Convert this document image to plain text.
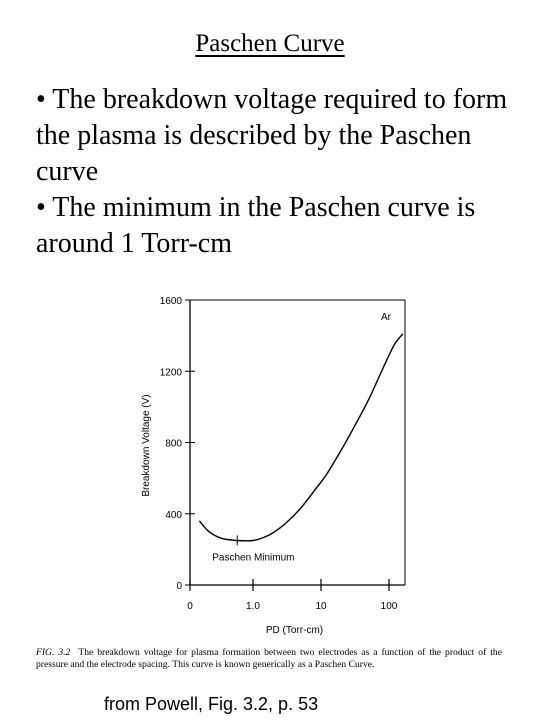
Paschen Curve

• The breakdown voltage required to form the plasma is described by the Paschen curve

• The minimum in the Paschen curve is around 1 Torr-cm

0
400
800
1200
1600
0	1.0	10	100
PD (Torr-cm)
Breakdown Voltage (V)
Ar
Paschen Minimum
FIG. 3.2 The breakdown voltage for plasma formation between two electrodes as a function of the product of the pressure and the electrode spacing. This curve is known generically as a Paschen Curve.
from Powell, Fig. 3.2, p. 53
